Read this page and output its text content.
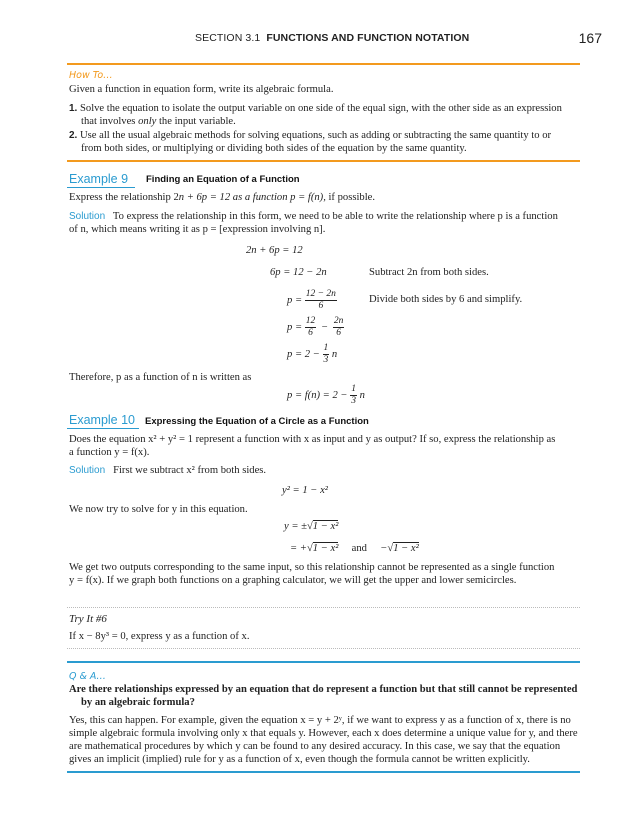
SECTION 3.1 FUNCTIONS AND FUNCTION NOTATION	167
How To…
Given a function in equation form, write its algebraic formula.
1. Solve the equation to isolate the output variable on one side of the equal sign, with the other side as an expression
that involves only the input variable.
2. Use all the usual algebraic methods for solving equations, such as adding or subtracting the same quantity to or
from both sides, or multiplying or dividing both sides of the equation by the same quantity.
Example 9 Finding an Equation of a Function
Express the relationship 2n + 6p = 12 as a function p = f(n), if possible.
Solution To express the relationship in this form, we need to be able to write the relationship where p is a function
of n, which means writing it as p = [expression involving n].
2n + 6p = 12
6p = 12 − 2n	Subtract 2n from both sides.
p =
$\frac{12 - 2n}{6}$	Divide both sides by 6 and simplify.
p =
$\frac{12}{6}$
−
$\frac{2n}{6}$
p = 2 −
$\frac{1}{3}$
n
Therefore, p as a function of n is written as
p = f(n) = 2 −
$\frac{1}{3}$
n
Example 10 Expressing the Equation of a Circle as a Function
Does the equation x² + y² = 1 represent a function with x as input and y as output? If so, express the relationship as
a function y = f(x).
Solution First we subtract x² from both sides.
y² = 1 − x²
We now try to solve for y in this equation.
y = ±√1 − x²
= +√1 − x² and −√1 − x²
We get two outputs corresponding to the same input, so this relationship cannot be represented as a single function
y = f(x). If we graph both functions on a graphing calculator, we will get the upper and lower semicircles.
Try It #6
If x − 8y³ = 0, express y as a function of x.
Q & A…
Are there relationships expressed by an equation that do represent a function but that still cannot be represented
by an algebraic formula?
Yes, this can happen. For example, given the equation x = y + 2ʸ, if we want to express y as a function of x, there is no
simple algebraic formula involving only x that equals y. However, each x does determine a unique value for y, and there
are mathematical procedures by which y can be found to any desired accuracy. In this case, we say that the equation
gives an implicit (implied) rule for y as a function of x, even though the formula cannot be written explicitly.
